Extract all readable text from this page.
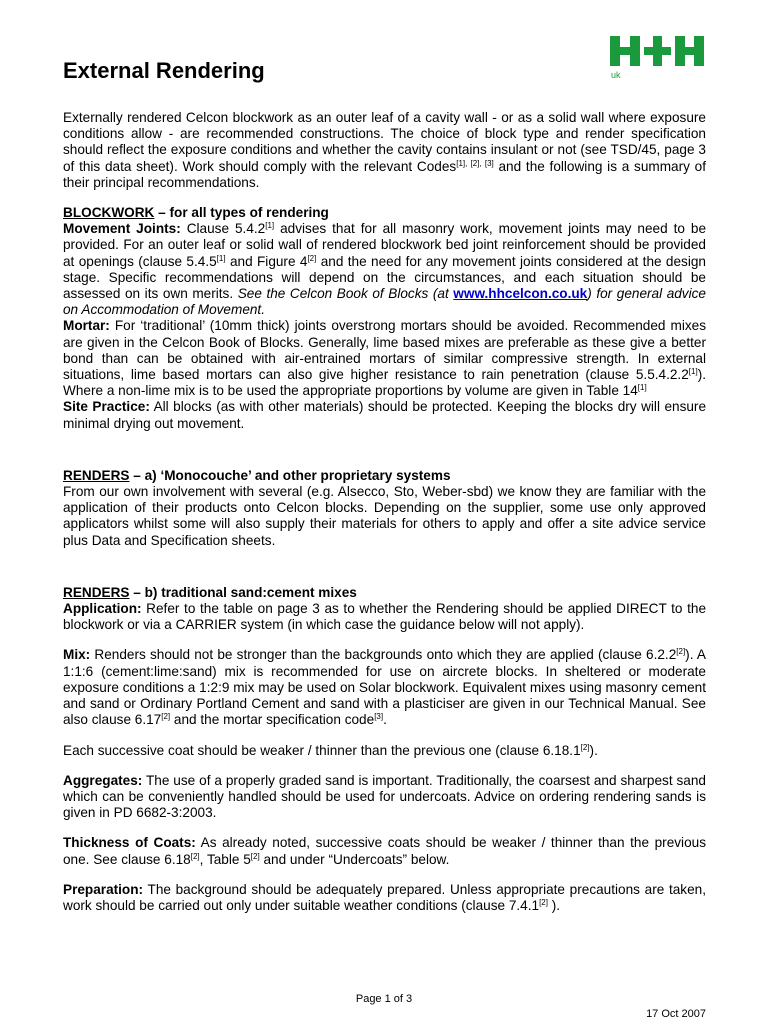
uk
External Rendering

Externally rendered Celcon blockwork as an outer leaf of a cavity wall - or as a solid wall where exposure conditions allow - are recommended constructions. The choice of block type and render specification should reflect the exposure conditions and whether the cavity contains insulant or not (see TSD/45, page 3 of this data sheet). Work should comply with the relevant Codes[1], [2], [3] and the following is a summary of their principal recommendations.

BLOCKWORK – for all types of rendering

Movement Joints: Clause 5.4.2[1] advises that for all masonry work, movement joints may need to be provided. For an outer leaf or solid wall of rendered blockwork bed joint reinforcement should be provided at openings (clause 5.4.5[1] and Figure 4[2] and the need for any movement joints considered at the design stage. Specific recommendations will depend on the circumstances, and each situation should be assessed on its own merits. See the Celcon Book of Blocks (at www.hhcelcon.co.uk) for general advice on Accommodation of Movement.

Mortar: For ‘traditional’ (10mm thick) joints overstrong mortars should be avoided. Recommended mixes are given in the Celcon Book of Blocks. Generally, lime based mixes are preferable as these give a better bond than can be obtained with air-entrained mortars of similar compressive strength. In external situations, lime based mortars can also give higher resistance to rain penetration (clause 5.5.4.2.2[1]). Where a non-lime mix is to be used the appropriate proportions by volume are given in Table 14[1]

Site Practice: All blocks (as with other materials) should be protected. Keeping the blocks dry will ensure minimal drying out movement.

RENDERS – a) ‘Monocouche’ and other proprietary systems

From our own involvement with several (e.g. Alsecco, Sto, Weber-sbd) we know they are familiar with the application of their products onto Celcon blocks. Depending on the supplier, some use only approved applicators whilst some will also supply their materials for others to apply and offer a site advice service plus Data and Specification sheets.

RENDERS – b) traditional sand:cement mixes

Application: Refer to the table on page 3 as to whether the Rendering should be applied DIRECT to the blockwork or via a CARRIER system (in which case the guidance below will not apply).

Mix: Renders should not be stronger than the backgrounds onto which they are applied (clause 6.2.2[2]). A 1:1:6 (cement:lime:sand) mix is recommended for use on aircrete blocks. In sheltered or moderate exposure conditions a 1:2:9 mix may be used on Solar blockwork. Equivalent mixes using masonry cement and sand or Ordinary Portland Cement and sand with a plasticiser are given in our Technical Manual. See also clause 6.17[2] and the mortar specification code[3].

Each successive coat should be weaker / thinner than the previous one (clause 6.18.1[2]).

Aggregates: The use of a properly graded sand is important. Traditionally, the coarsest and sharpest sand which can be conveniently handled should be used for undercoats. Advice on ordering rendering sands is given in PD 6682-3:2003.

Thickness of Coats: As already noted, successive coats should be weaker / thinner than the previous one. See clause 6.18[2], Table 5[2] and under “Undercoats” below.

Preparation: The background should be adequately prepared. Unless appropriate precautions are taken, work should be carried out only under suitable weather conditions (clause 7.4.1[2] ).

Page 1 of 3
17 Oct 2007
